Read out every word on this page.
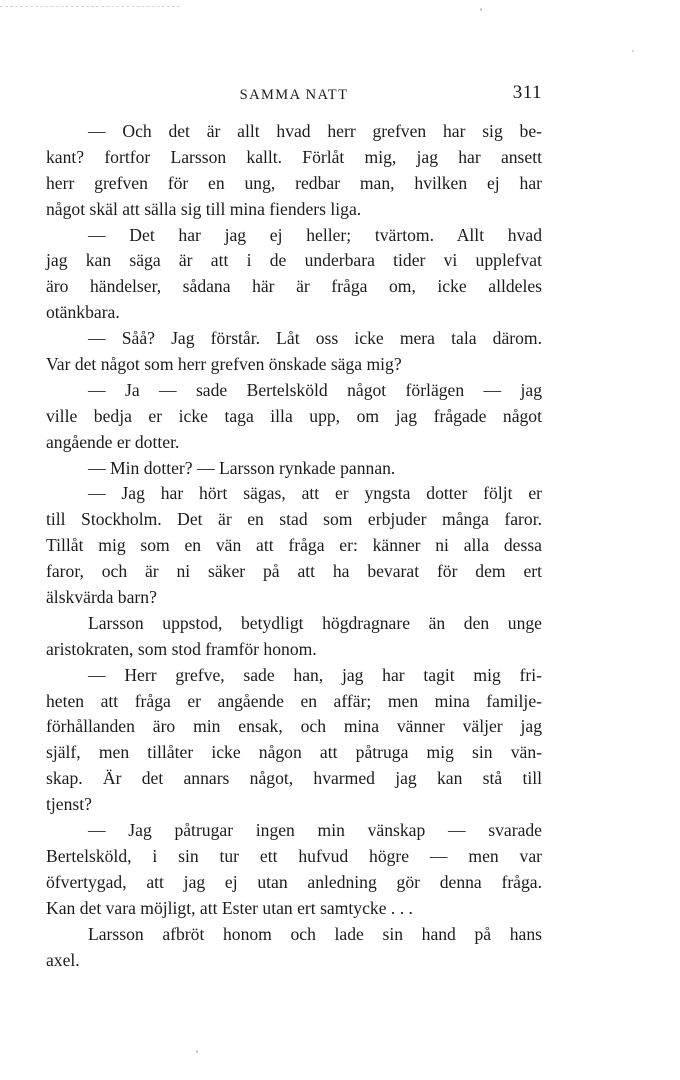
SAMMA NATT	311
— Och det är allt hvad herr grefven har sig be-
kant? fortfor Larsson kallt. Förlåt mig, jag har ansett
herr grefven för en ung, redbar man, hvilken ej har
något skäl att sälla sig till mina fienders liga.
— Det har jag ej heller; tvärtom. Allt hvad
jag kan säga är att i de underbara tider vi upplefvat
äro händelser, sådana här är fråga om, icke alldeles
otänkbara.
— Såå? Jag förstår. Låt oss icke mera tala därom.
Var det något som herr grefven önskade säga mig?
— Ja — sade Bertelsköld något förlägen — jag
ville bedja er icke taga illa upp, om jag frågade något
angående er dotter.
— Min dotter? — Larsson rynkade pannan.
— Jag har hört sägas, att er yngsta dotter följt er
till Stockholm. Det är en stad som erbjuder många faror.
Tillåt mig som en vän att fråga er: känner ni alla dessa
faror, och är ni säker på att ha bevarat för dem ert
älskvärda barn?
Larsson uppstod, betydligt högdragnare än den unge
aristokraten, som stod framför honom.
— Herr grefve, sade han, jag har tagit mig fri-
heten att fråga er angående en affär; men mina familje-
förhållanden äro min ensak, och mina vänner väljer jag
själf, men tillåter icke någon att påtruga mig sin vän-
skap. Är det annars något, hvarmed jag kan stå till
tjenst?
— Jag påtrugar ingen min vänskap — svarade
Bertelsköld, i sin tur ett hufvud högre — men var
öfvertygad, att jag ej utan anledning gör denna fråga.
Kan det vara möjligt, att Ester utan ert samtycke . . .
Larsson afbröt honom och lade sin hand på hans
axel.
